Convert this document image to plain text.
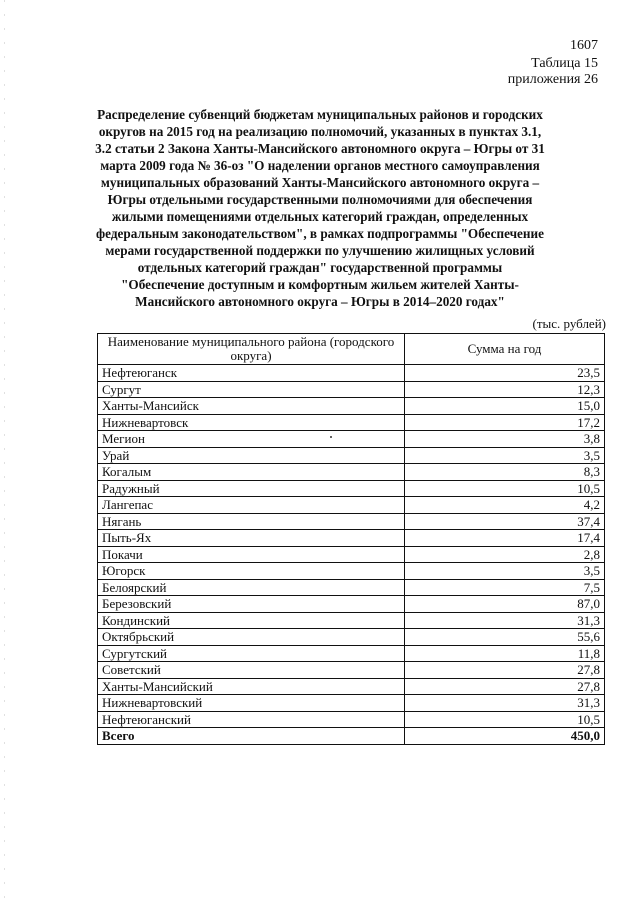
1607
Таблица 15
приложения 26
Распределение субвенций бюджетам муниципальных районов и городских округов на 2015 год на реализацию полномочий, указанных в пунктах 3.1, 3.2 статьи 2 Закона Ханты-Мансийского автономного округа – Югры от 31 марта 2009 года № 36-оз "О наделении органов местного самоуправления муниципальных образований Ханты-Мансийского автономного округа – Югры отдельными государственными полномочиями для обеспечения жилыми помещениями отдельных категорий граждан, определенных федеральным законодательством", в рамках подпрограммы "Обеспечение мерами государственной поддержки по улучшению жилищных условий отдельных категорий граждан" государственной программы "Обеспечение доступным и комфортным жильем жителей Ханты-Мансийского автономного округа – Югры в 2014–2020 годах"
(тыс. рублей)
Наименование муниципального района (городского округа)	Сумма на год
Нефтеюганск	23,5
Сургут	12,3
Ханты-Мансийск	15,0
Нижневартовск	17,2
Мегион	3,8
Урай	3,5
Когалым	8,3
Радужный	10,5
Лангепас	4,2
Нягань	37,4
Пыть-Ях	17,4
Покачи	2,8
Югорск	3,5
Белоярский	7,5
Березовский	87,0
Кондинский	31,3
Октябрьский	55,6
Сургутский	11,8
Советский	27,8
Ханты-Мансийский	27,8
Нижневартовский	31,3
Нефтеюганский	10,5
Всего	450,0
